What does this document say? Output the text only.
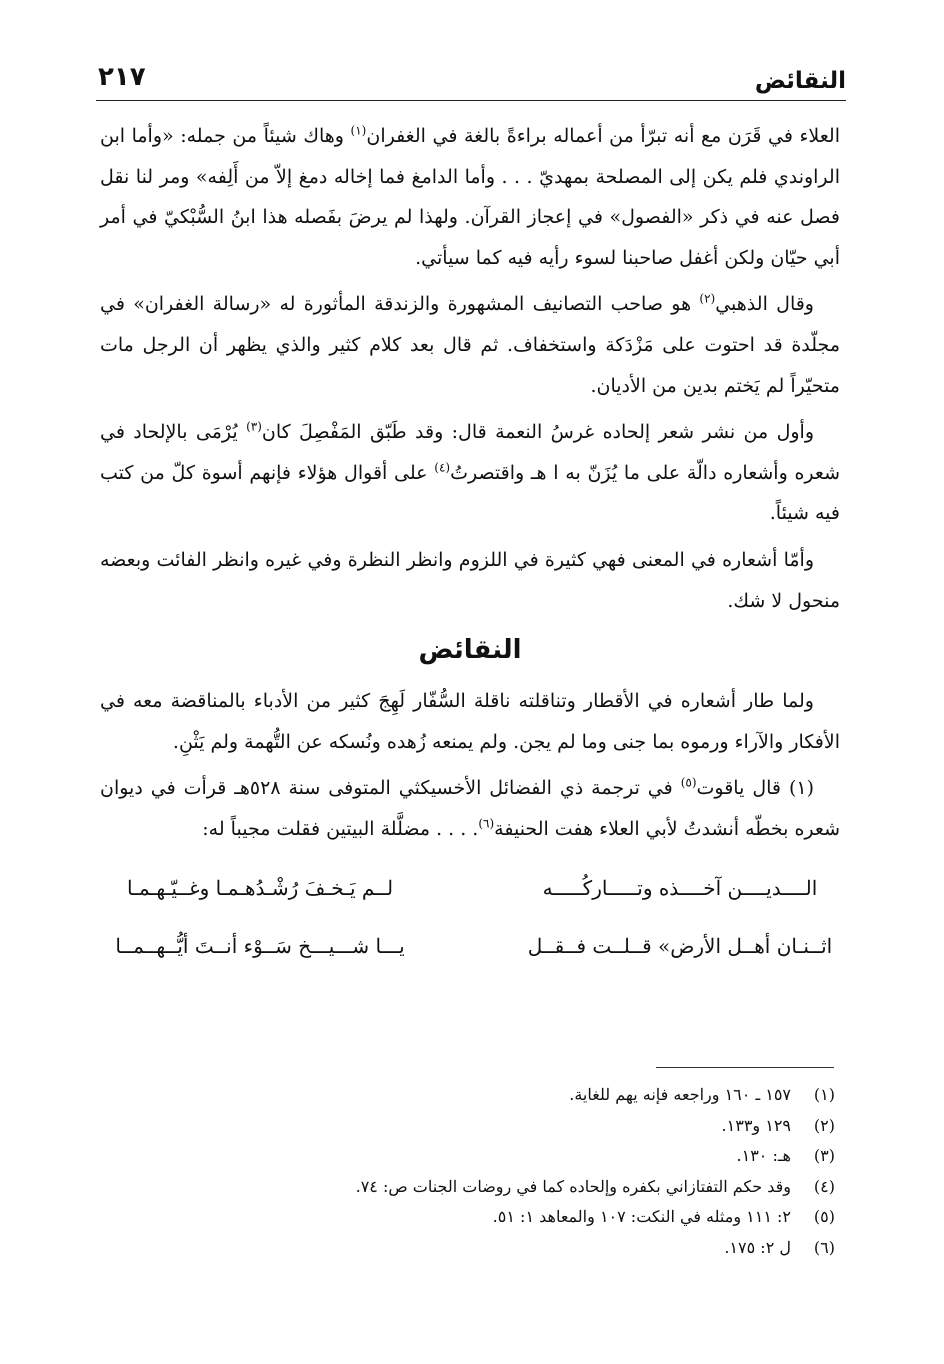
النقائض
٢١٧

العلاء في قَرَن مع أنه تبرّأ من أعماله براءةً بالغة في الغفران$^{(١)}$ وهاك شيئاً من جمله: «وأما ابن الراوندي فلم يكن إلى المصلحة بمهديّ . . . وأما الدامغ فما إخاله دمغ إلاّ من أَلِفه» ومر لنا نقل فصل عنه في ذكر «الفصول» في إعجاز القرآن. ولهذا لم يرضَ بفَصله هذا ابنُ السُّبْكيّ في أمر أبي حيّان ولكن أغفل صاحبنا لسوء رأيه فيه كما سيأتي.

وقال الذهبي$^{(٢)}$ هو صاحب التصانيف المشهورة والزندقة المأثورة له «رسالة الغفران» في مجلّدة قد احتوت على مَزْدَكة واستخفاف. ثم قال بعد كلام كثير والذي يظهر أن الرجل مات متحيّراً لم يَختم بدين من الأديان.

وأول من نشر شعر إلحاده غرسُ النعمة قال: وقد طَبّق المَفْصِلَ كان$^{(٣)}$ يُرْمَى بالإلحاد في شعره وأشعاره دالّة على ما يُزَنّ به ا هـ واقتصرتُ$^{(٤)}$ على أقوال هؤلاء فإنهم أسوة كلّ من كتب فيه شيئاً.

وأمّا أشعاره في المعنى فهي كثيرة في اللزوم وانظر النظرة وفي غيره وانظر الفائت وبعضه منحول لا شك.

النقائض

ولما طار أشعاره في الأقطار وتناقلته ناقلة السُّفّار لَهِجَ كثير من الأدباء بالمناقضة معه في الأفكار والآراء ورموه بما جنى وما لم يجن. ولم يمنعه زُهده ونُسكه عن التُّهمة ولم يَثْنِ.

(١) قال ياقوت$^{(٥)}$ في ترجمة ذي الفضائل الأخسيكثي المتوفى سنة ٥٢٨هـ قرأت في ديوان شعره بخطّه أنشدتُ لأبي العلاء هفت الحنيفة$^{(٦)}$. . . . مضلَّلة البيتين فقلت مجيباً له:

الــــديــــن آخــــذه وتـــــاركُـــــه
لــم يَـخـفَ رُشْـدُهـمـا وغــيّـهـمـا
اثــنـان أهــل الأرض» قــلــت فــقــل
يـــا شـــيـــخ سَــوْء أنــتَ أيُّــهــمــا
(١)
١٥٧ ـ ١٦٠ وراجعه فإنه يهم للغاية.
(٢)
١٢٩ و١٣٣.
(٣)
هـ: ١٣٠.
(٤)
وقد حكم التفتازاني بكفره وإلحاده كما في روضات الجنات ص: ٧٤.
(٥)
٢: ١١١ ومثله في النكت: ١٠٧ والمعاهد ١: ٥١.
(٦)
ل ٢: ١٧٥.
